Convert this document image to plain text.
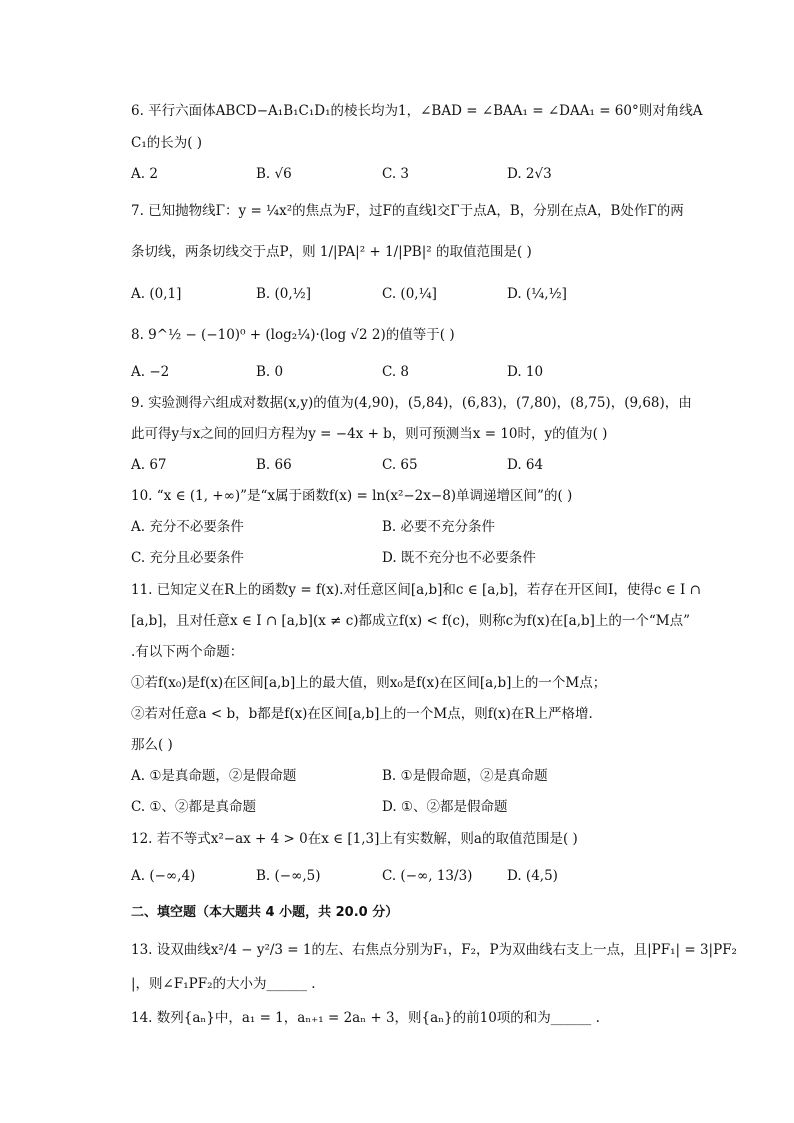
6. 平行六面体ABCD−A₁B₁C₁D₁的棱长均为1，∠BAD = ∠BAA₁ = ∠DAA₁ = 60°则对角线A
C₁的长为( )
A. 2	B. √6	C. 3	D. 2√3
7. 已知抛物线Γ：y = ¼x²的焦点为F，过F的直线l交Γ于点A，B，分别在点A，B处作Γ的两
条切线，两条切线交于点P，则 1/|PA|² + 1/|PB|² 的取值范围是( )
A. (0,1]	B. (0,½]	C. (0,¼]	D. (¼,½]
8. 9^½ − (−10)⁰ + (log₂¼)·(log √2 2)的值等于( )
A. −2	B. 0	C. 8	D. 10
9. 实验测得六组成对数据(x,y)的值为(4,90)，(5,84)，(6,83)，(7,80)，(8,75)，(9,68)，由
此可得y与x之间的回归方程为y = −4x + b，则可预测当x = 10时，y的值为( )
A. 67	B. 66	C. 65	D. 64
10. “x ∈ (1, +∞)”是“x属于函数f(x) = ln(x²−2x−8)单调递增区间”的( )
A. 充分不必要条件	B. 必要不充分条件
C. 充分且必要条件	D. 既不充分也不必要条件
11. 已知定义在R上的函数y = f(x).对任意区间[a,b]和c ∈ [a,b]，若存在开区间I，使得c ∈ I ∩
[a,b]，且对任意x ∈ I ∩ [a,b](x ≠ c)都成立f(x) < f(c)，则称c为f(x)在[a,b]上的一个“M点”
.有以下两个命题：
①若f(x₀)是f(x)在区间[a,b]上的最大值，则x₀是f(x)在区间[a,b]上的一个M点；
②若对任意a < b，b都是f(x)在区间[a,b]上的一个M点，则f(x)在R上严格增.
那么( )
A. ①是真命题，②是假命题	B. ①是假命题，②是真命题
C. ①、②都是真命题	D. ①、②都是假命题
12. 若不等式x²−ax + 4 > 0在x ∈ [1,3]上有实数解，则a的取值范围是( )
A. (−∞,4)	B. (−∞,5)	C. (−∞, 13/3)	D. (4,5)
二、填空题（本大题共 4 小题，共 20.0 分）
13. 设双曲线x²/4 − y²/3 = 1的左、右焦点分别为F₁，F₂，P为双曲线右支上一点，且|PF₁| = 3|PF₂
|，则∠F₁PF₂的大小为______ .
14. 数列{aₙ}中，a₁ = 1，aₙ₊₁ = 2aₙ + 3，则{aₙ}的前10项的和为______ .
